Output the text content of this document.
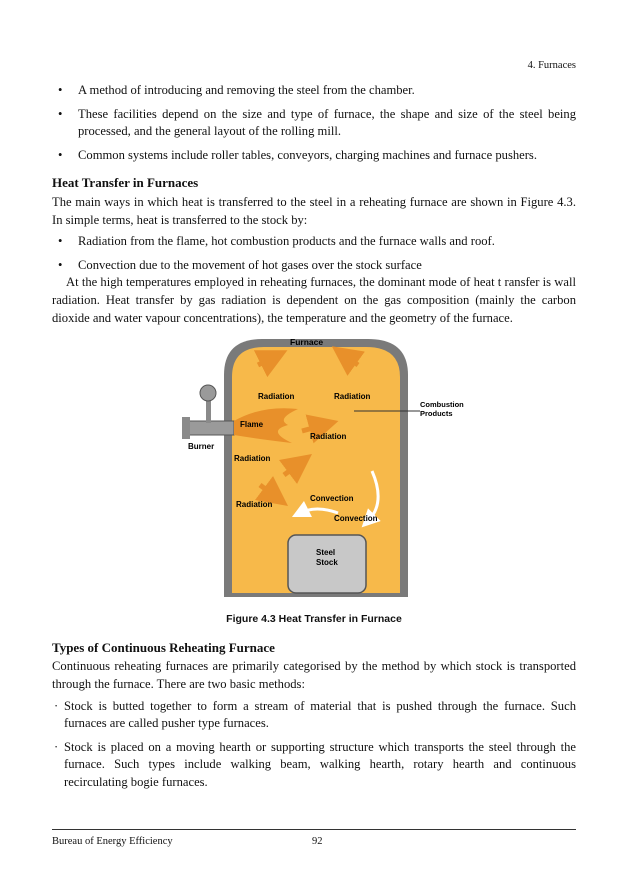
4. Furnaces
•	A method of introducing and removing the steel from the chamber.
•	These facilities depend on the size and type of furnace, the shape and size of the steel being processed, and the general layout of the rolling mill.
•	Common systems include roller tables, conveyors, charging machines and furnace pushers.
Heat Transfer in Furnaces
The main ways in which heat is transferred to the steel in a reheating furnace are shown in Figure 4.3. In simple terms, heat is transferred to the stock by:
•	Radiation from the flame, hot combustion products and the furnace walls and roof.
•	Convection due to the movement of hot gases over the stock surface
At the high temperatures employed in reheating furnaces, the dominant mode of heat t ransfer is wall radiation. Heat transfer by gas radiation is dependent on the gas composition (mainly the carbon dioxide and water vapour concentrations), the temperature and the geometry of the furnace.
Furnace
Radiation	Radiation
Combustion
Products
Flame
Radiation
Burner
Radiation
Convection
Radiation
Convection
Steel
Stock
Figure 4.3 Heat Transfer in Furnace
Types of Continuous Reheating Furnace
Continuous reheating furnaces are primarily categorised by the method by which stock is transported through the furnace. There are two basic methods:
· Stock is butted together to form a stream of material that is pushed through the furnace. Such furnaces are called pusher type furnaces.
· Stock is placed on a moving hearth or supporting structure which transports the steel through the furnace. Such types include walking beam, walking hearth, rotary hearth and continuous recirculating bogie furnaces.
Bureau of Energy Efficiency	92
